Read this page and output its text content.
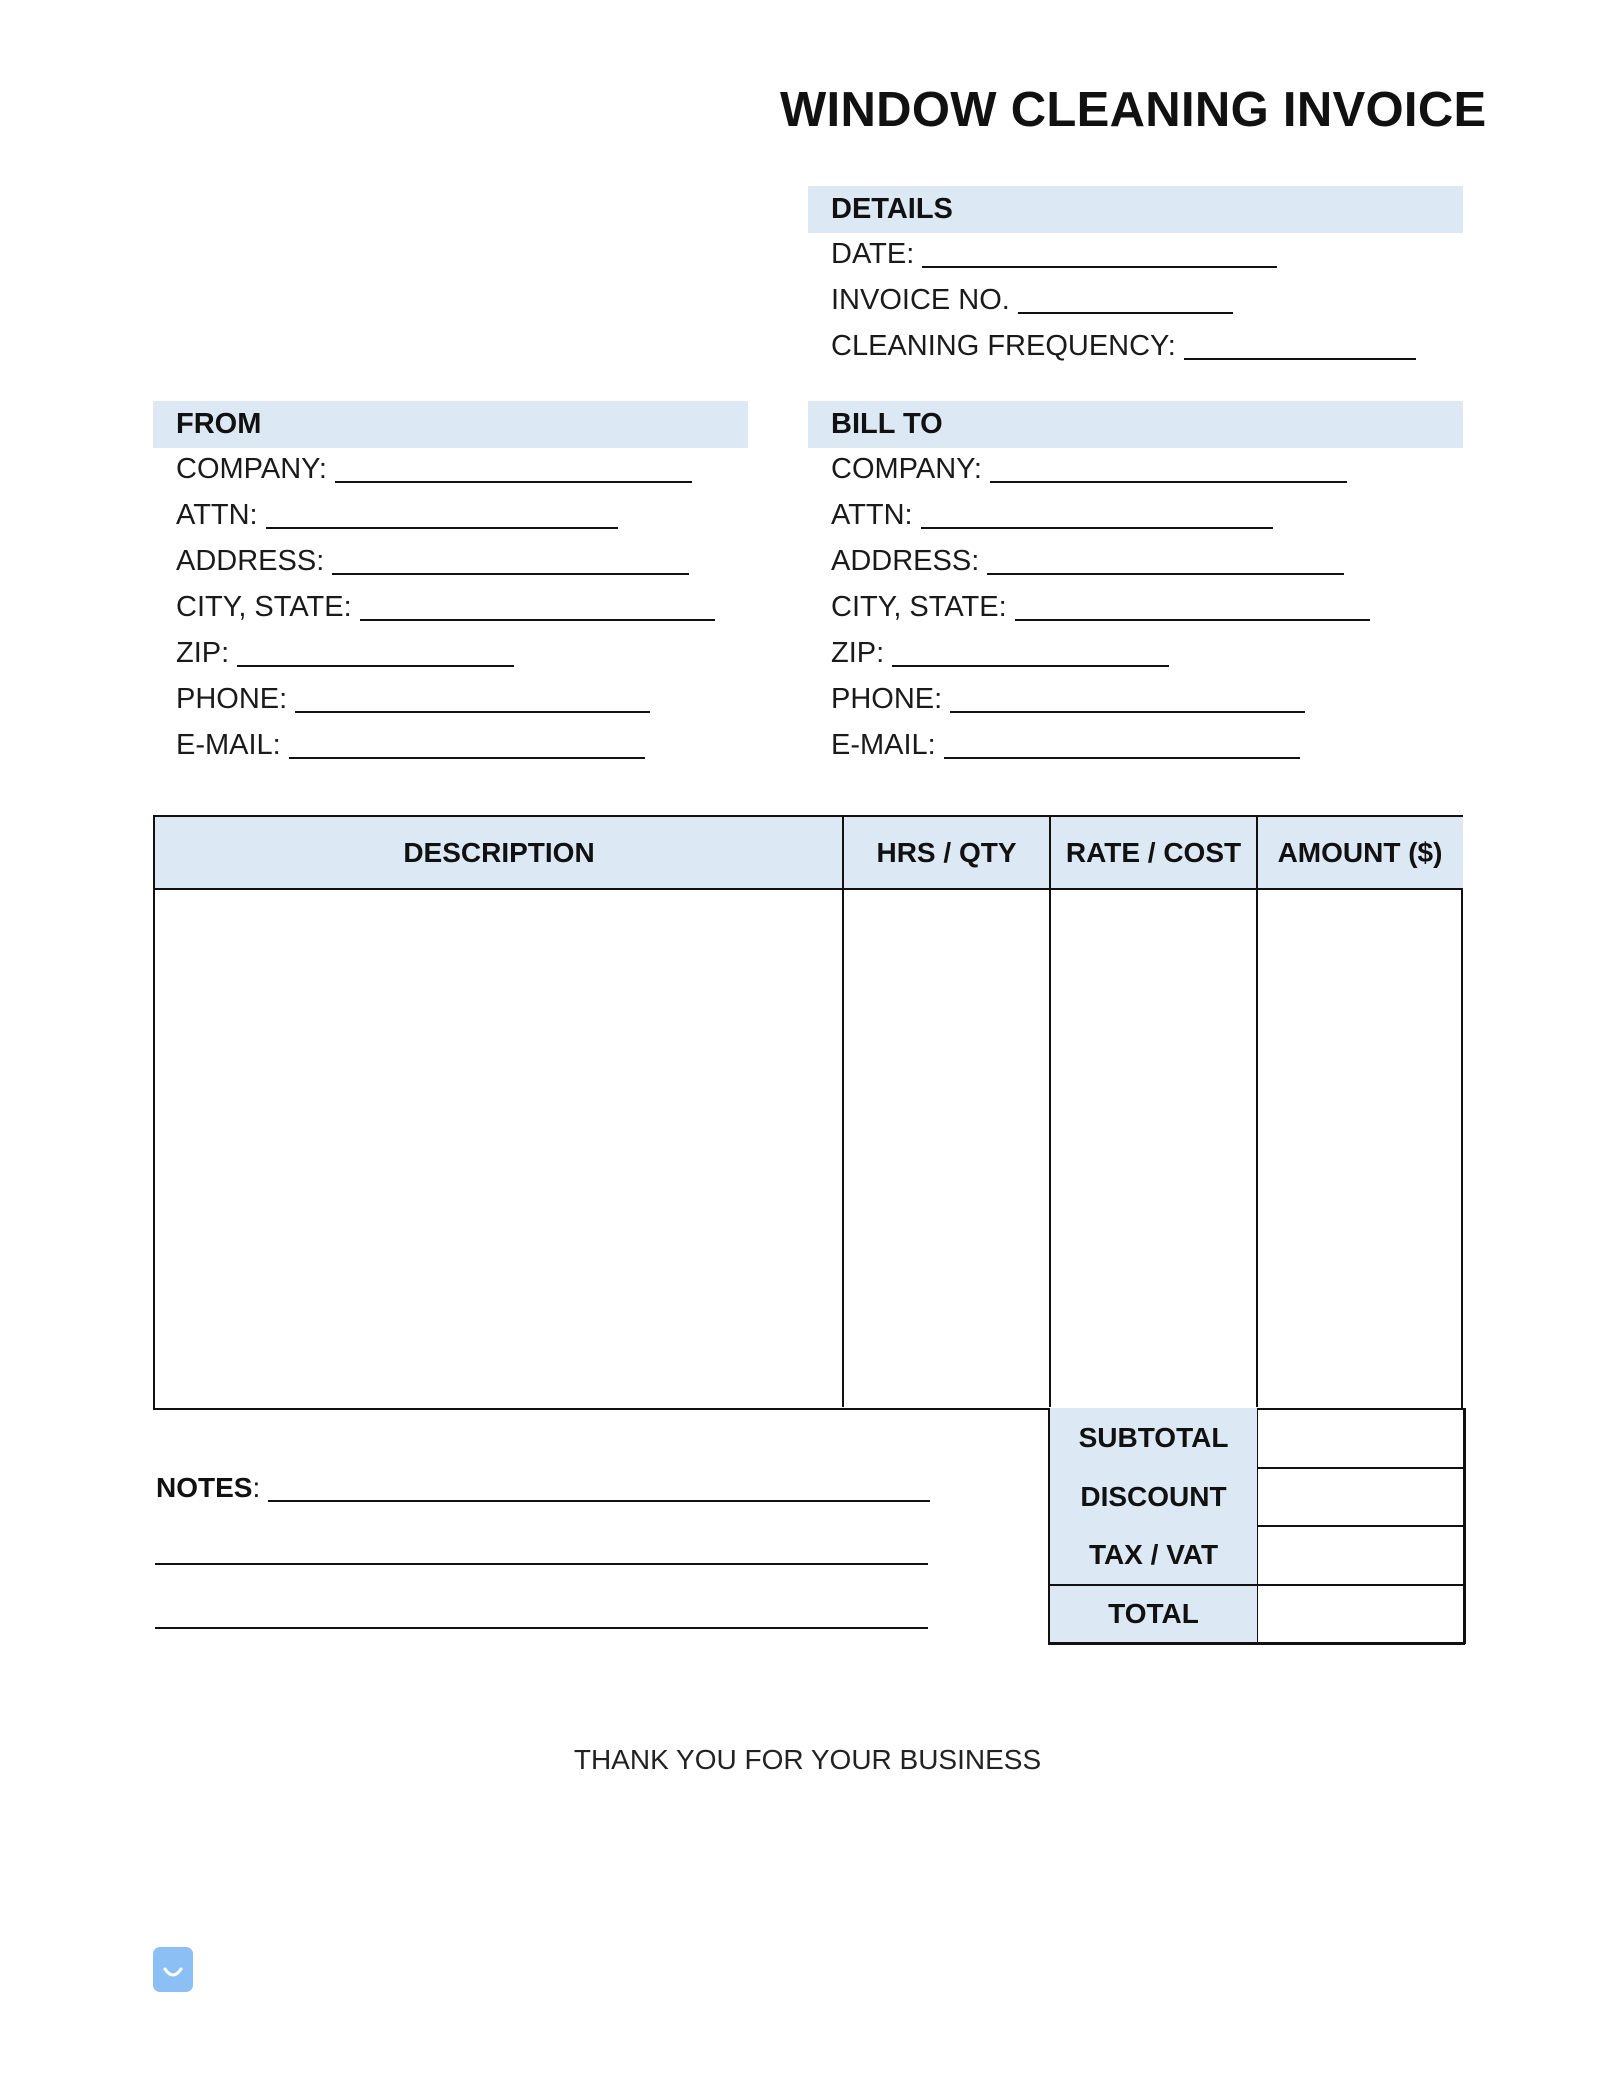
WINDOW CLEANING INVOICE
DETAILS
DATE:
INVOICE NO.
CLEANING FREQUENCY:
FROM
COMPANY:
ATTN:
ADDRESS:
CITY, STATE:
ZIP:
PHONE:
E-MAIL:
BILL TO
COMPANY:
ATTN:
ADDRESS:
CITY, STATE:
ZIP:
PHONE:
E-MAIL:
DESCRIPTION	HRS / QTY	RATE / COST	AMOUNT ($)
SUBTOTAL
DISCOUNT
TAX / VAT
TOTAL
NOTES:
THANK YOU FOR YOUR BUSINESS
